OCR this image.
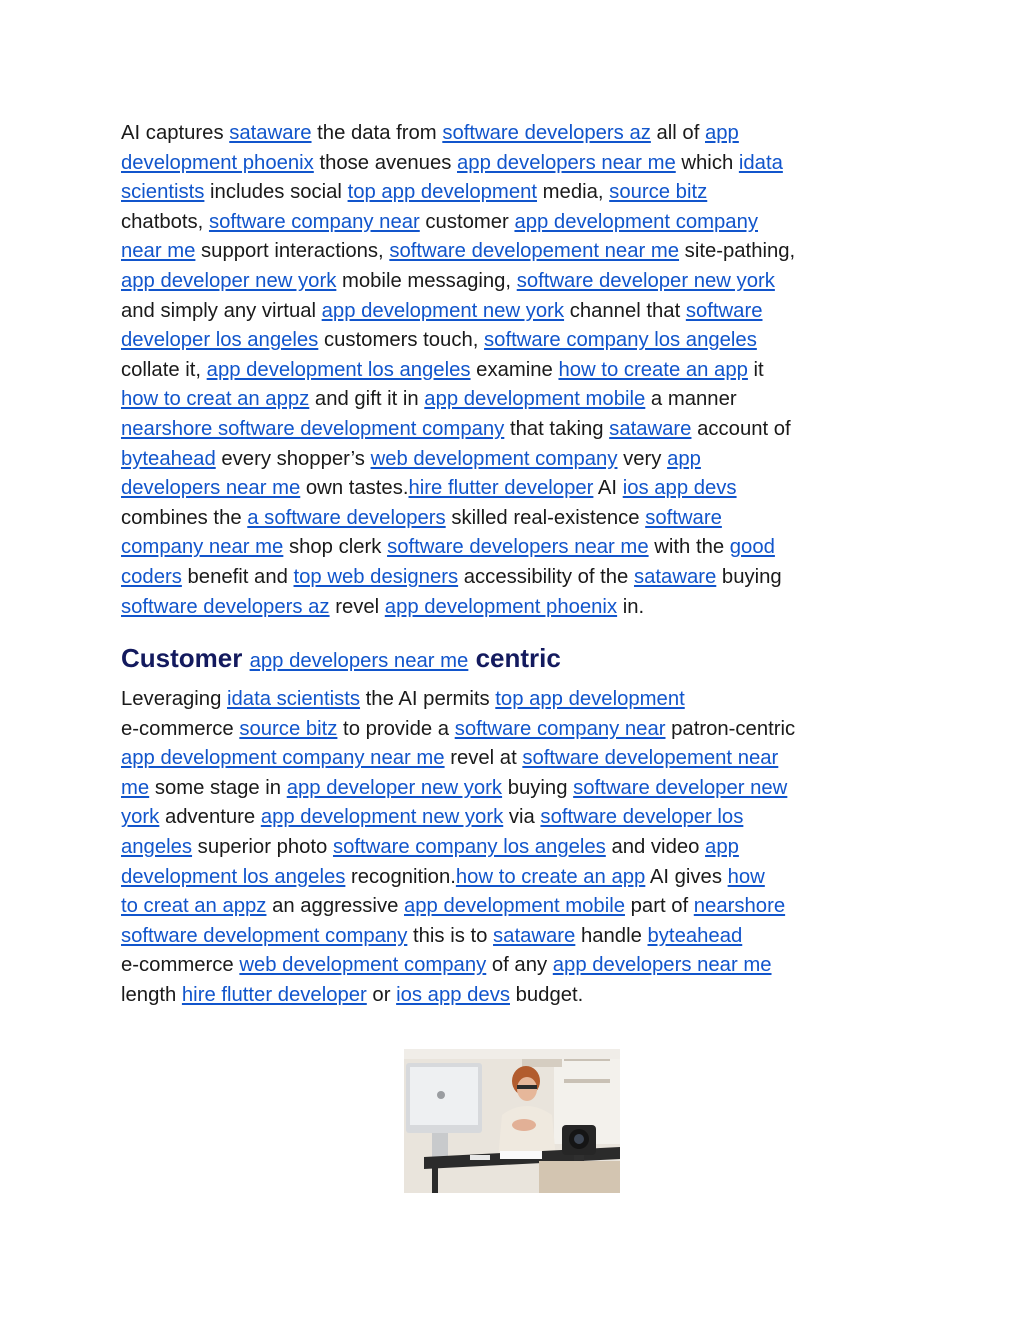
AI captures sataware the data from software developers az all of app
development phoenix those avenues app developers near me which idata
scientists includes social top app development media, source bitz
chatbots, software company near customer app development company
near me support interactions, software developement near me site-pathing,
app developer new york mobile messaging, software developer new york
and simply any virtual app development new york channel that software
developer los angeles customers touch, software company los angeles
collate it, app development los angeles examine how to create an app it
how to creat an appz and gift it in app development mobile a manner
nearshore software development company that taking sataware account of
byteahead every shopper’s web development company very app
developers near me own tastes.hire flutter developer AI ios app devs
combines the a software developers skilled real-existence software
company near me shop clerk software developers near me with the good
coders benefit and top web designers accessibility of the sataware buying
software developers az revel app development phoenix in.

Customer app developers near me centric

Leveraging idata scientists the AI permits top app development
e-commerce source bitz to provide a software company near patron-centric
app development company near me revel at software developement near
me some stage in app developer new york buying software developer new
york adventure app development new york via software developer los
angeles superior photo software company los angeles and video app
development los angeles recognition.how to create an app AI gives how
to creat an appz an aggressive app development mobile part of nearshore
software development company this is to sataware handle byteahead
e-commerce web development company of any app developers near me
length hire flutter developer or ios app devs budget.
